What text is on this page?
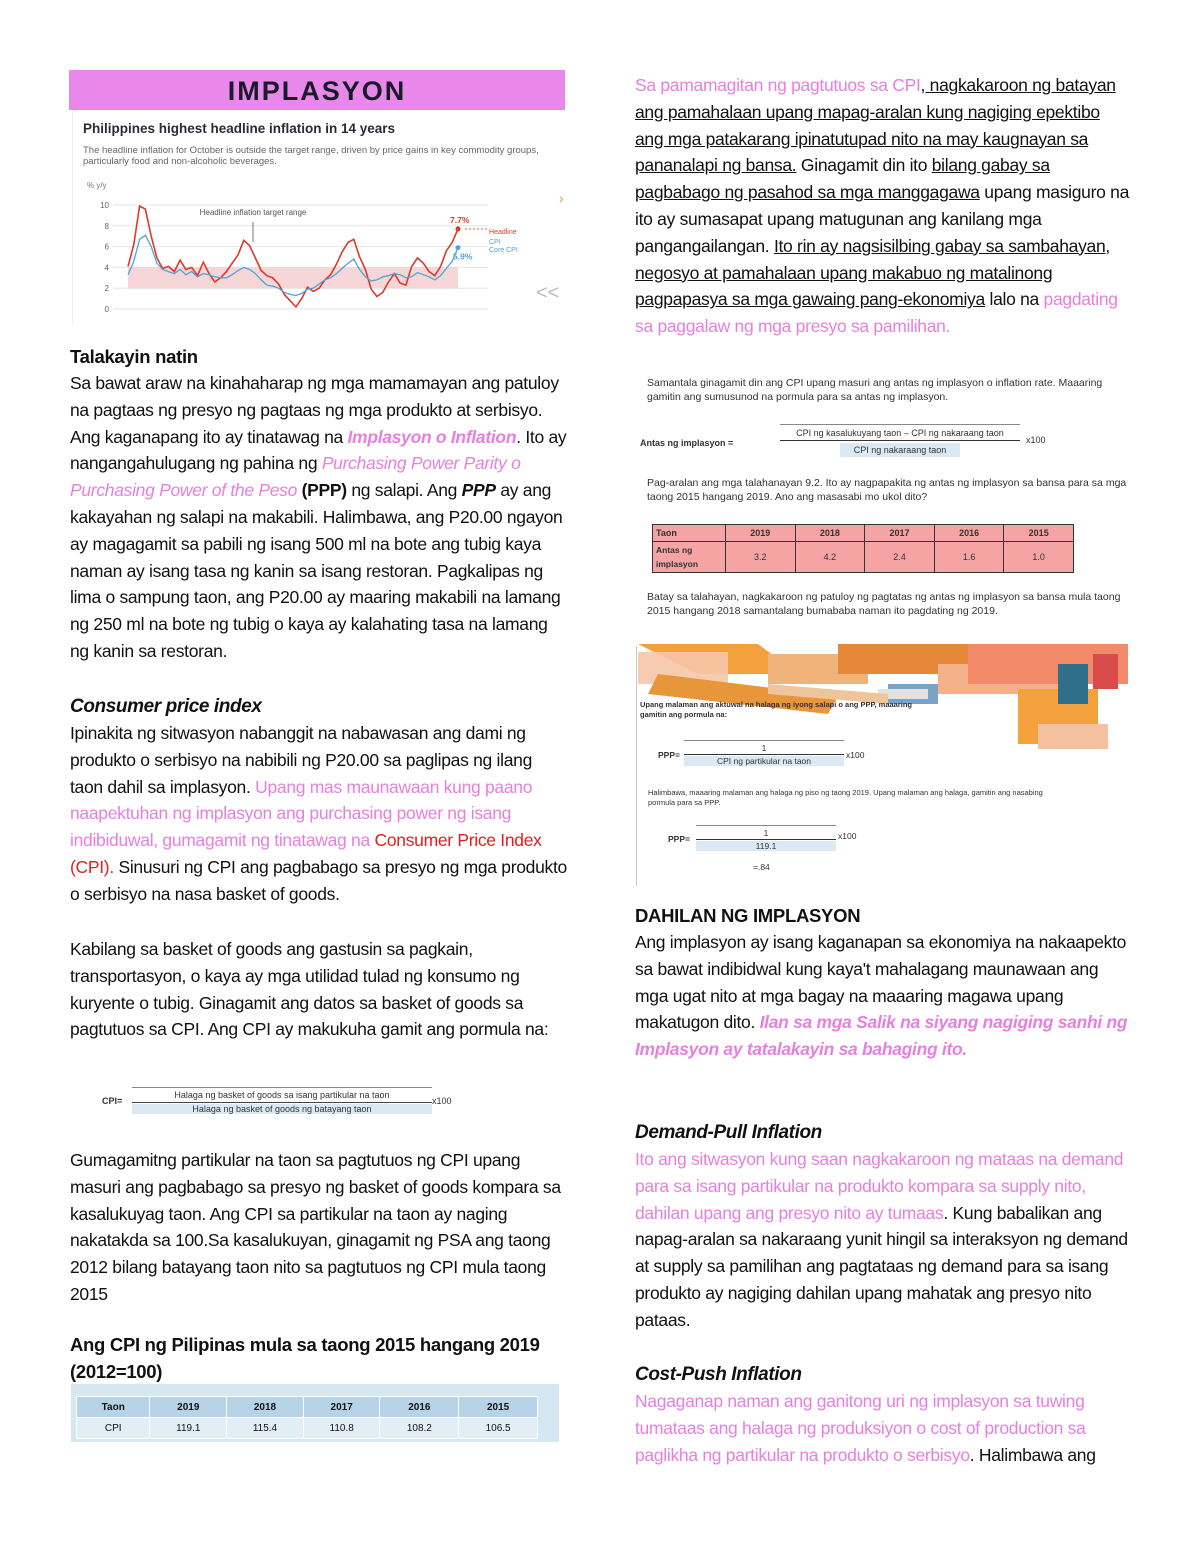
IMPLASYON
Philippines highest headline inflation in 14 years
The headline inflation for October is outside the target range, driven by price gains in key commodity groups, particularly food and non-alcoholic beverages.
% y/y
10
8
6
4
2
0
Headline inflation target range
7.7%
5.9%
Headline
CPI
Core CPI
›
<<
Talakayin natin

Sa bawat araw na kinahaharap ng mga mamamayan ang patuloy na pagtaas ng presyo ng pagtaas ng mga produkto at serbisyo. Ang kaganapang ito ay tinatawag na Implasyon o Inflation. Ito ay nangangahulugang ng pahina ng Purchasing Power Parity o Purchasing Power of the Peso (PPP) ng salapi. Ang PPP ay ang kakayahan ng salapi na makabili. Halimbawa, ang P20.00 ngayon ay magagamit sa pabili ng isang 500 ml na bote ang tubig kaya naman ay isang tasa ng kanin sa isang restoran. Pagkalipas ng lima o sampung taon, ang P20.00 ay maaring makabili na lamang ng 250 ml na bote ng tubig o kaya ay kalahating tasa na lamang ng kanin sa restoran.

Consumer price index

Ipinakita ng sitwasyon nabanggit na nabawasan ang dami ng produkto o serbisyo na nabibili ng P20.00 sa paglipas ng ilang taon dahil sa implasyon. Upang mas maunawaan kung paano naapektuhan ng implasyon ang purchasing power ng isang indibiduwal, gumagamit ng tinatawag na Consumer Price Index (CPI). Sinusuri ng CPI ang pagbabago sa presyo ng mga produkto o serbisyo na nasa basket of goods.

Kabilang sa basket of goods ang gastusin sa pagkain, transportasyon, o kaya ay mga utilidad tulad ng konsumo ng kuryente o tubig. Ginagamit ang datos sa basket of goods sa pagtutuos sa CPI. Ang CPI ay makukuha gamit ang pormula na:

CPI=
Halaga ng basket of goods sa isang partikular na taon
Halaga ng basket of goods ng batayang taon
x100

Gumagamitng partikular na taon sa pagtutuos ng CPI upang masuri ang pagbabago sa presyo ng basket of goods kompara sa kasalukuyag taon. Ang CPI sa partikular na taon ay naging nakatakda sa 100.Sa kasalukuyan, ginagamit ng PSA ang taong 2012 bilang batayang taon nito sa pagtutuos ng CPI mula taong 2015

Ang CPI ng Pilipinas mula sa taong 2015 hangang 2019 (2012=100)
Taon	2019	2018	2017	2016	2015
CPI	119.1	115.4	110.8	108.2	106.5

Sa pamamagitan ng pagtutuos sa CPI, nagkakaroon ng batayan ang pamahalaan upang mapag-aralan kung nagiging epektibo ang mga patakarang ipinatutupad nito na may kaugnayan sa pananalapi ng bansa. Ginagamit din ito bilang gabay sa pagbabago ng pasahod sa mga manggagawa upang masiguro na ito ay sumasapat upang matugunan ang kanilang mga pangangailangan. Ito rin ay nagsisilbing gabay sa sambahayan, negosyo at pamahalaan upang makabuo ng matalinong pagpapasya sa mga gawaing pang-ekonomiya lalo na pagdating sa paggalaw ng mga presyo sa pamilihan.

Samantala ginagamit din ang CPI upang masuri ang antas ng implasyon o inflation rate. Maaaring gamitin ang sumusunod na pormula para sa antas ng implasyon.
Antas ng implasyon =
CPI ng kasalukuyang taon – CPI ng nakaraang taon
CPI ng nakaraang taon
x100
Pag-aralan ang mga talahanayan 9.2. Ito ay nagpapakita ng antas ng implasyon sa bansa para sa mga taong 2015 hangang 2019. Ano ang masasabi mo ukol dito?
Taon	2019	2018	2017	2016	2015
Antas ng implasyon	3.2	4.2	2.4	1.6	1.0
Batay sa talahayan, nagkakaroon ng patuloy ng pagtatas ng antas ng implasyon sa bansa mula taong 2015 hangang 2018 samantalang bumababa naman ito pagdating ng 2019.
Upang malaman ang aktuwal na halaga ng iyong salapi o ang PPP, maaaring gamitin ang pormula na:
PPP=
1
CPI ng partikular na taon
x100
Halimbawa, maaaring malaman ang halaga ng piso ng taong 2019. Upang malaman ang halaga, gamitin ang nasabing pormula para sa PPP.
PPP=
1
119.1
x100
=.84
DAHILAN NG IMPLASYON

Ang implasyon ay isang kaganapan sa ekonomiya na nakaapekto sa bawat indibidwal kung kaya't mahalagang maunawaan ang mga ugat nito at mga bagay na maaaring magawa upang makatugon dito. Ilan sa mga Salik na siyang nagiging sanhi ng Implasyon ay tatalakayin sa bahaging ito.

Demand-Pull Inflation

Ito ang sitwasyon kung saan nagkakaroon ng mataas na demand para sa isang partikular na produkto kompara sa supply nito, dahilan upang ang presyo nito ay tumaas. Kung babalikan ang napag-aralan sa nakaraang yunit hingil sa interaksyon ng demand at supply sa pamilihan ang pagtataas ng demand para sa isang produkto ay nagiging dahilan upang mahatak ang presyo nito pataas.

Cost-Push Inflation

Nagaganap naman ang ganitong uri ng implasyon sa tuwing tumataas ang halaga ng produksiyon o cost of production sa paglikha ng partikular na produkto o serbisyo. Halimbawa ang
